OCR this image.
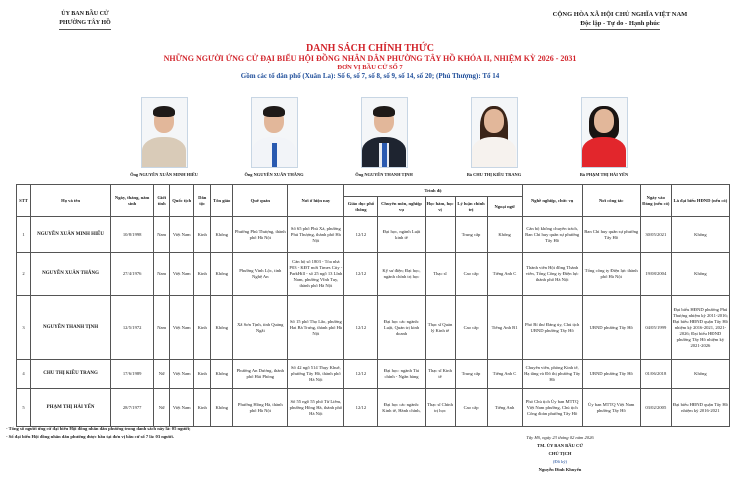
ỦY BAN BẦU CỬ
PHƯỜNG TÂY HỒ
CỘNG HÒA XÃ HỘI CHỦ NGHĨA VIỆT NAM
Độc lập - Tự do - Hạnh phúc
DANH SÁCH CHÍNH THỨC
NHỮNG NGƯỜI ỨNG CỬ ĐẠI BIỂU HỘI ĐỒNG NHÂN DÂN PHƯỜNG TÂY HỒ KHÓA II, NHIỆM KỲ 2026 - 2031
ĐƠN VỊ BẦU CỬ SỐ 7
Gồm các tổ dân phố (Xuân La): Số 6, số 7, số 8, số 9, số 14, số 20; (Phú Thượng): Tổ 14
Ông NGUYỄN XUÂN MINH HIẾU	Ông NGUYỄN XUÂN THẮNG	Ông NGUYỄN THANH TỊNH	Bà CHU THỊ KIỀU TRANG	Bà PHẠM THỊ HẢI YẾN
STT	Họ và tên	Ngày, tháng, năm sinh	Giới tính	Quốc tịch	Dân tộc	Tôn giáo	Quê quán	Nơi ở hiện nay	Trình độ					Nghề nghiệp, chức vụ	Nơi công tác	Ngày vào Đảng (nếu có)	Là đại biểu HĐND (nếu có)
									Giáo dục phổ thông	Chuyên môn, nghiệp vụ	Học hàm, học vị	Lý luận chính trị	Ngoại ngữ				
1	NGUYỄN XUÂN MINH HIẾU	10/8/1998	Nam	Việt Nam	Kinh	Không	Phường Phú Thượng, thành phố Hà Nội	Số 65 phố Phú Xá, phường Phú Thượng, thành phố Hà Nội	12/12	Đại học, ngành Luật kinh tế		Trung cấp	Không	Cán bộ không chuyên trách, Ban Chỉ huy quân sự phường Tây Hồ	Ban Chỉ huy quân sự phường Tây Hồ	30/05/2021	Không
2	NGUYỄN XUÂN THẮNG	27/4/1976	Nam	Việt Nam	Kinh	Không	Phường Vinh Lộc, tỉnh Nghệ An	Căn hộ số 1803 - Tòa nhà P03 - KĐT mới Times City - ParkHill - số 25 ngõ 13 Lĩnh Nam, phường Vĩnh Tuy, thành phố Hà Nội	12/12	Kỹ sư điện; Đại học, ngành chính trị học	Thạc sĩ	Cao cấp	Tiếng Anh C	Thành viên Hội đồng Thành viên, Tổng Công ty Điện lực thành phố Hà Nội	Tổng công ty Điện lực thành phố Hà Nội	19/08/2004	Không
3	NGUYỄN THANH TỊNH	12/5/1972	Nam	Việt Nam	Kinh	Không	Xã Sơn Tịnh, tỉnh Quảng Ngãi	Số 15 phố Thọ Lão, phường Hai Bà Trưng, thành phố Hà Nội	12/12	Đại học các ngành: Luật, Quản trị kinh doanh	Thạc sĩ Quản lý Kinh tế	Cao cấp	Tiếng Anh B1	Phó Bí thư Đảng ủy, Chủ tịch UBND phường Tây Hồ	UBND phường Tây Hồ	04/05/1999	Đại biểu HĐND phường Phú Thượng nhiệm kỳ 2011-2016; Đại biểu HĐND quận Tây Hồ nhiệm kỳ 2016-2021, 2021-2026; Đại biểu HĐND phường Tây Hồ nhiệm kỳ 2021-2026
4	CHU THỊ KIỀU TRANG	17/6/1989	Nữ	Việt Nam	Kinh	Không	Phường An Dương, thành phố Hải Phòng	Số 42 ngõ 514 Thụy Khuê, phường Tây Hồ, thành phố Hà Nội	12/12	Đại học: ngành Tài chính - Ngân hàng	Thạc sĩ Kinh tế	Trung cấp	Tiếng Anh C	Chuyên viên, phòng Kinh tế, Hạ tầng và Đô thị phường Tây Hồ	UBND phường Tây Hồ	01/06/2018	Không
5	PHẠM THỊ HẢI YẾN	28/7/1977	Nữ	Việt Nam	Kinh	Không	Phường Hồng Hà, thành phố Hà Nội	Số 55 ngõ 55 phố Từ Liêm, phường Hồng Hà, thành phố Hà Nội	12/12	Đại học các ngành: Kinh tế, Hành chính,	Thạc sĩ Chính trị học	Cao cấp	Tiếng Anh	Phó Chủ tịch Ủy ban MTTQ Việt Nam phường, Chủ tịch Công đoàn phường Tây Hồ	Ủy ban MTTQ Việt Nam phường Tây Hồ	03/02/2005	Đại biểu HĐND quận Tây Hồ nhiệm kỳ 2016-2021
- Tổng số người ứng cử đại biểu Hội đồng nhân dân phường trong danh sách này là: 05 người;
- Số đại biểu Hội đồng nhân dân phường được bầu tại đơn vị bầu cử số 7 là: 03 người.	Tây Hồ, ngày 23 tháng 02 năm 2026
TM. ỦY BAN BẦU CỬ
CHỦ TỊCH
(Đã ký)
Nguyễn Đình Khuyến
